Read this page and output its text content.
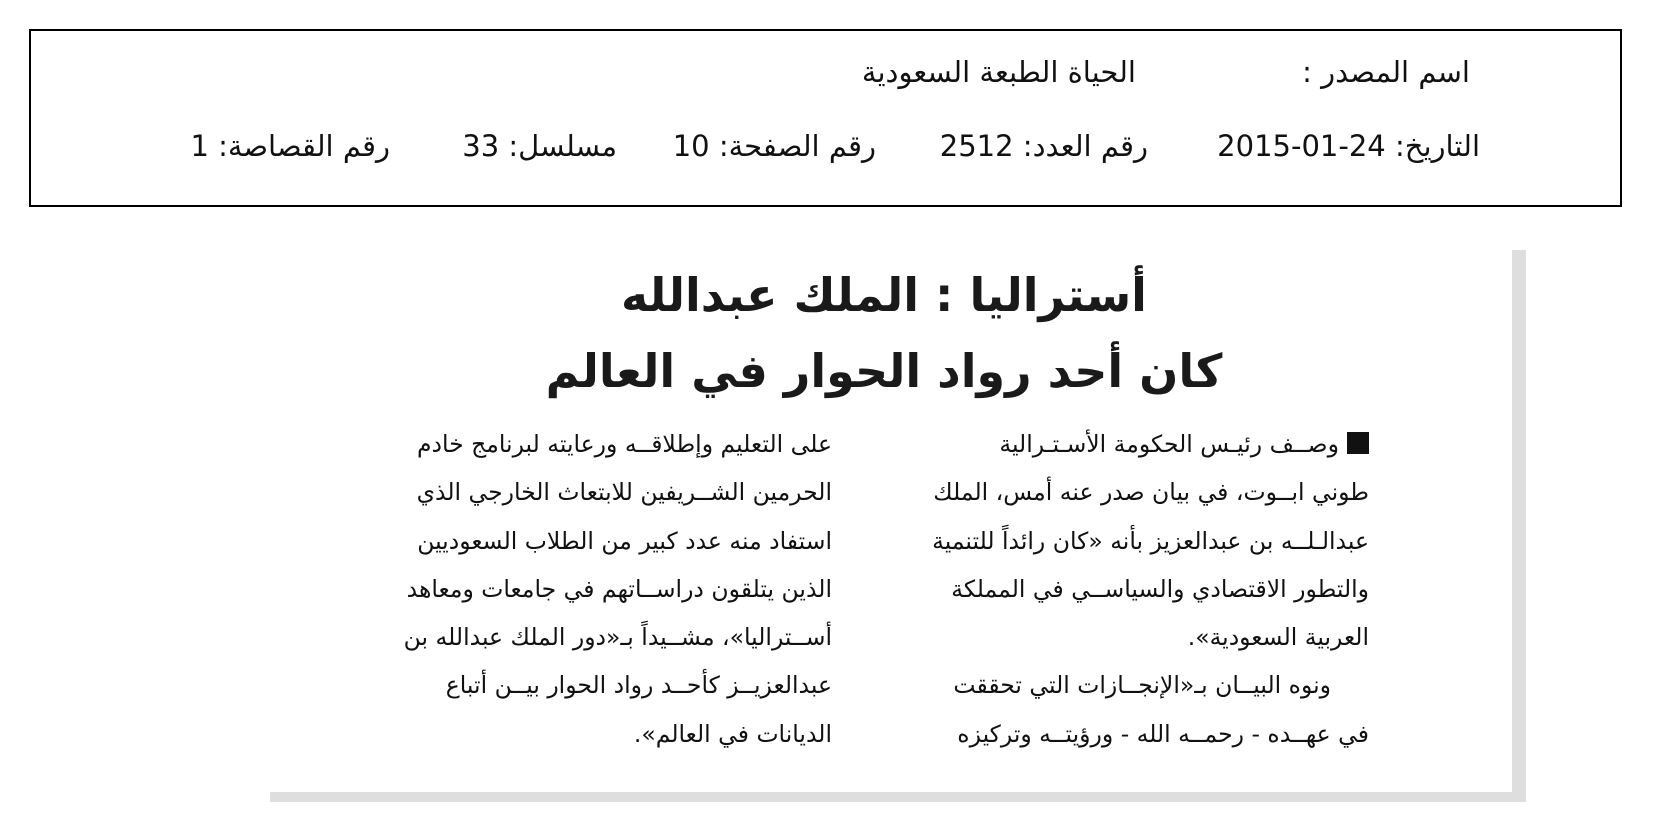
اسم المصدر :
الحياة الطبعة السعودية
التاريخ: 24-01-2015
رقم العدد: 2512
رقم الصفحة: 10
مسلسل: 33
رقم القصاصة: 1
أستراليا : الملك عبدالله
كان أحد رواد الحوار في العالم
وصــف رئيـس الحكومة الأسـتـرالية
طوني ابــوت، في بيان صدر عنه أمس، الملك
عبدالـلــه بن عبدالعزيز بأنه «كان رائداً للتنمية
والتطور الاقتصادي والسياســي في المملكة
العربية السعودية».
ونوه البيــان بـ«الإنجــازات التي تحققت
في عهــده - رحمــه الله - ورؤيتــه وتركيزه
على التعليم وإطلاقــه ورعايته لبرنامج خادم
الحرمين الشــريفين للابتعاث الخارجي الذي
استفاد منه عدد كبير من الطلاب السعوديين
الذين يتلقون دراســاتهم في جامعات ومعاهد
أســتراليا»، مشــيداً بـ«دور الملك عبدالله بن
عبدالعزيــز كأحــد رواد الحوار بيــن أتباع
الديانات في العالم».
